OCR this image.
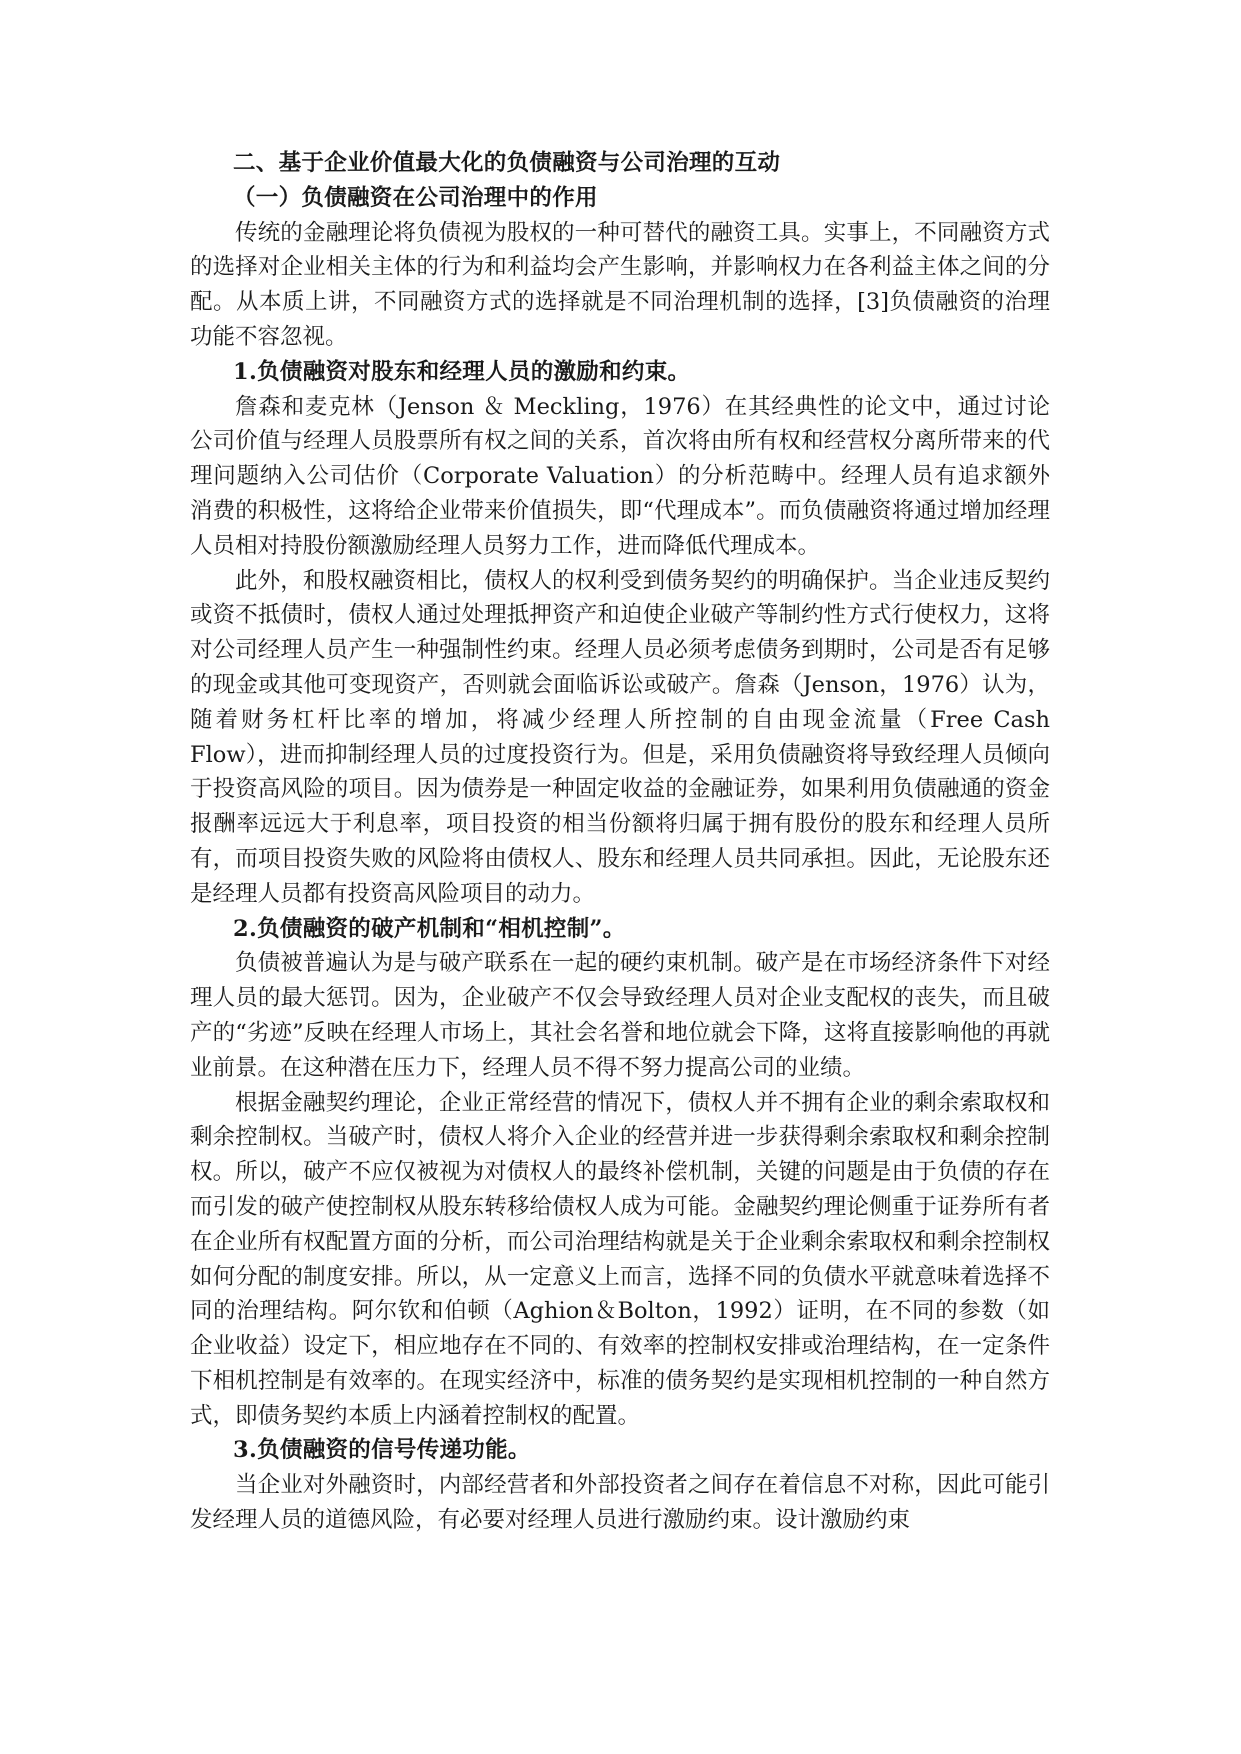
二、基于企业价值最大化的负债融资与公司治理的互动

（一）负债融资在公司治理中的作用

传统的金融理论将负债视为股权的一种可替代的融资工具。实事上，不同融资方式的选择对企业相关主体的行为和利益均会产生影响，并影响权力在各利益主体之间的分配。从本质上讲，不同融资方式的选择就是不同治理机制的选择，[3]负债融资的治理功能不容忽视。

1.负债融资对股东和经理人员的激励和约束。

詹森和麦克林（Jenson ＆ Meckling，1976）在其经典性的论文中，通过讨论公司价值与经理人员股票所有权之间的关系，首次将由所有权和经营权分离所带来的代理问题纳入公司估价（Corporate Valuation）的分析范畴中。经理人员有追求额外消费的积极性，这将给企业带来价值损失，即“代理成本”。而负债融资将通过增加经理人员相对持股份额激励经理人员努力工作，进而降低代理成本。

此外，和股权融资相比，债权人的权利受到债务契约的明确保护。当企业违反契约或资不抵债时，债权人通过处理抵押资产和迫使企业破产等制约性方式行使权力，这将对公司经理人员产生一种强制性约束。经理人员必须考虑债务到期时，公司是否有足够的现金或其他可变现资产，否则就会面临诉讼或破产。詹森（Jenson，1976）认为，随着财务杠杆比率的增加，将减少经理人所控制的自由现金流量（Free Cash Flow），进而抑制经理人员的过度投资行为。但是，采用负债融资将导致经理人员倾向于投资高风险的项目。因为债券是一种固定收益的金融证券，如果利用负债融通的资金报酬率远远大于利息率，项目投资的相当份额将归属于拥有股份的股东和经理人员所有，而项目投资失败的风险将由债权人、股东和经理人员共同承担。因此，无论股东还是经理人员都有投资高风险项目的动力。

2.负债融资的破产机制和“相机控制”。

负债被普遍认为是与破产联系在一起的硬约束机制。破产是在市场经济条件下对经理人员的最大惩罚。因为，企业破产不仅会导致经理人员对企业支配权的丧失，而且破产的“劣迹”反映在经理人市场上，其社会名誉和地位就会下降，这将直接影响他的再就业前景。在这种潜在压力下，经理人员不得不努力提高公司的业绩。

根据金融契约理论，企业正常经营的情况下，债权人并不拥有企业的剩余索取权和剩余控制权。当破产时，债权人将介入企业的经营并进一步获得剩余索取权和剩余控制权。所以，破产不应仅被视为对债权人的最终补偿机制，关键的问题是由于负债的存在而引发的破产使控制权从股东转移给债权人成为可能。金融契约理论侧重于证券所有者在企业所有权配置方面的分析，而公司治理结构就是关于企业剩余索取权和剩余控制权如何分配的制度安排。所以，从一定意义上而言，选择不同的负债水平就意味着选择不同的治理结构。阿尔钦和伯顿（Aghion＆Bolton，1992）证明，在不同的参数（如企业收益）设定下，相应地存在不同的、有效率的控制权安排或治理结构，在一定条件下相机控制是有效率的。在现实经济中，标准的债务契约是实现相机控制的一种自然方式，即债务契约本质上内涵着控制权的配置。

3.负债融资的信号传递功能。

当企业对外融资时，内部经营者和外部投资者之间存在着信息不对称，因此可能引发经理人员的道德风险，有必要对经理人员进行激励约束。设计激励约束
